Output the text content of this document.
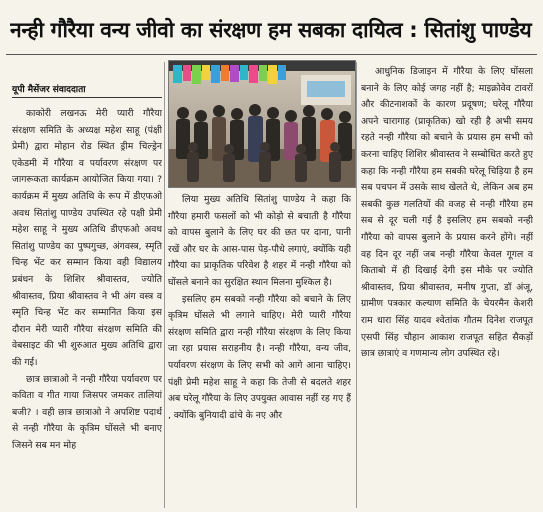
नन्ही गौरैया वन्य जीवो का संरक्षण हम सबका दायित्व : सितांशु पाण्डेय
यूपी मैसेंजर संवाददाता

काकोरी लखनऊ मेरी प्यारी गौरैया संरक्षण समिति के अध्यक्ष महेश साहू (पंक्षी प्रेमी) द्वारा मोहान रोड स्थित ड्रीम चिल्ड्रेन एकेडमी में गौरैया व पर्यावरण संरक्षण पर जागरूकता कार्यक्रम आयोजित किया गया। ?कार्यक्रम में मुख्य अतिथि के रूप में डीएफओ अवध सितांशु पाण्डेय उपस्थित रहे पक्षी प्रेमी महेश साहू ने मुख्य अतिथि डीएफओ अवध सितांशु पाण्डेय का पुष्पगुच्छ, अंगवस्त्र, स्मृति चिन्ह भेंट कर सम्मान किया वही विद्यालय प्रबंधन के शिशिर श्रीवास्तव, ज्योति श्रीवास्तव, प्रिया श्रीवास्तव ने भी अंग वस्त्र व स्मृति चिन्ह भेंट कर सम्मानित किया इस दौरान मेरी प्यारी गौरैया संरक्षण समिति की वेबसाइट की भी शुरुआत मुख्य अतिथि द्वारा की गई।

छात्र छात्राओ ने नन्ही गौरैया पर्यावरण पर कविता व गीत गाया जिसपर जमकर तालियां बजी? । वही छात्र छात्राओ ने अपशिष्ट पदार्थ से नन्ही गौरैया के कृत्रिम घोंसले भी बनाए जिसने सब मन मोह

लिया मुख्य अतिथि सितांशु पाण्डेय ने कहा कि गौरैया हमारी फसलों को भी कोड़ो से बचाती है गौरैया को वापस बुलाने के लिए घर की छत पर दाना, पानी रखें और घर के आस-पास पेड़-पौधे लगाएं, क्योंकि यही गौरैया का प्राकृतिक परिवेश है शहर में नन्ही गौरैया को घोंसले बनाने का सुरक्षित स्थान मिलना मुश्किल है।

इसलिए हम सबको नन्ही गौरैया को बचाने के लिए कृत्रिम घोंसले भी लगाने चाहिए। मेरी प्यारी गौरैया संरक्षण समिति द्वारा नन्ही गौरैया संरक्षण के लिए किया जा रहा प्रयास सराहनीय है। नन्ही गौरैया, वन्य जीव, पर्यावरण संरक्षण के लिए सभी को आगे आना चाहिए।पंक्षी प्रेमी महेश साहू ने कहा कि तेजी से बदलते शहर अब घरेलू गौरैया के लिए उपयुक्त आवास नहीं रह गए हैं , क्योंकि बुनियादी ढांचे के नए और

आधुनिक डिजाइन में गौरैया के लिए घोंसला बनाने के लिए कोई जगह नहीं है; माइक्रोवेव टावरों और कीटनाशकों के कारण प्रदूषण; घरेलू गौरैया अपने चारागाह (प्राकृतिक) खो रही है अभी समय रहते नन्ही गौरैया को बचाने के प्रयास हम सभी को करना चाहिए शिशिर श्रीवास्तव ने सम्बोधित करते हुए कहा कि नन्ही गौरैया हम सबकी घरेलू चिड़िया है हम सब पचपन में उसके साथ खेलते थे, लेकिन अब हम सबकी कुछ गलतियों की वजह से नन्ही गौरैया हम सब से दूर चली गई है इसलिए हम सबको नन्ही गौरैया को वापस बुलाने के प्रयास करने होंगे। नहीं वह दिन दूर नहीं जब नन्ही गौरैया केवल गूगल व किताबो में ही दिखाई देगी इस मौके पर ज्योति श्रीवास्तव, प्रिया श्रीवास्तव, मनीष गुप्ता, डॉ अंजू, ग्रामीण पत्रकार कल्याण समिति के चेयरमैन केशरी राम धारा सिंह यादव श्वेतांक गौतम दिनेश राजपूत एसपी सिंह चौहान आकाश राजपूत सहित सैकड़ों छात्र छात्राएं व गणमान्य लोग उपस्थित रहे।
